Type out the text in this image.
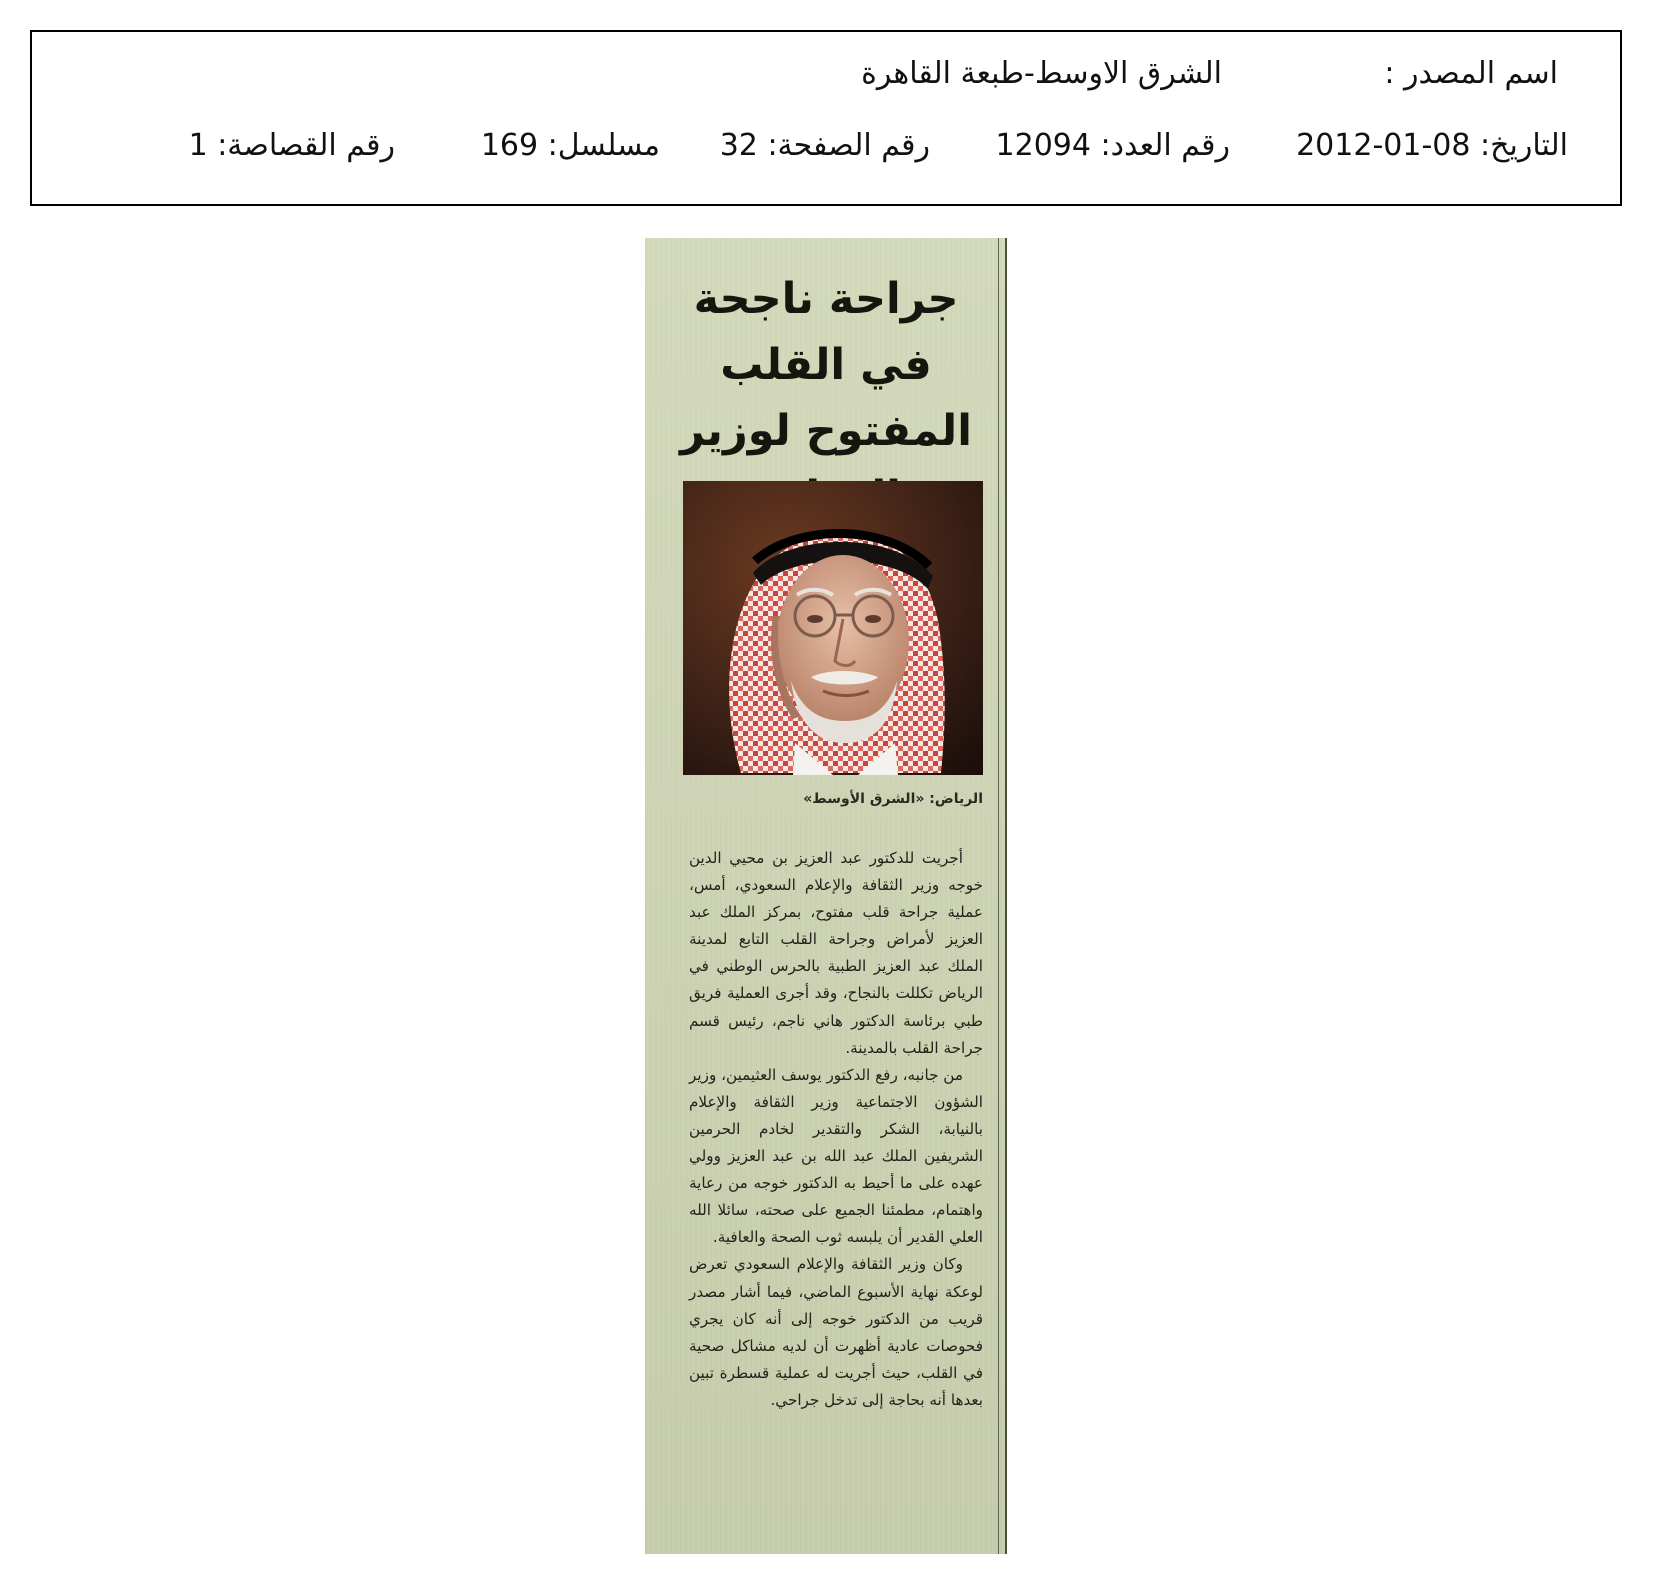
اسم المصدر :
الشرق الاوسط-طبعة القاهرة
التاريخ: 08-01-2012
رقم العدد: 12094
رقم الصفحة: 32
مسلسل: 169
رقم القصاصة: 1
جراحة ناجحة في القلب المفتوح لوزير
الرياض: «الشرق الأوسط»

أجريت للدكتور عبد العزيز بن محيي الدين خوجه وزير الثقافة والإعلام السعودي، أمس، عملية جراحة قلب مفتوح، بمركز الملك عبد العزيز لأمراض وجراحة القلب التابع لمدينة الملك عبد العزيز الطبية بالحرس الوطني في الرياض تكللت بالنجاح، وقد أجرى العملية فريق طبي برئاسة الدكتور هاني ناجم، رئيس قسم جراحة القلب بالمدينة.

من جانبه، رفع الدكتور يوسف العثيمين، وزير الشؤون الاجتماعية وزير الثقافة والإعلام بالنيابة، الشكر والتقدير لخادم الحرمين الشريفين الملك عبد الله بن عبد العزيز وولي عهده على ما أحيط به الدكتور خوجه من رعاية واهتمام، مطمئنا الجميع على صحته، سائلا الله العلي القدير أن يلبسه ثوب الصحة والعافية.

وكان وزير الثقافة والإعلام السعودي تعرض لوعكة نهاية الأسبوع الماضي، فيما أشار مصدر قريب من الدكتور خوجه إلى أنه كان يجري فحوصات عادية أظهرت أن لديه مشاكل صحية في القلب، حيث أجريت له عملية قسطرة تبين بعدها أنه بحاجة إلى تدخل جراحي.
